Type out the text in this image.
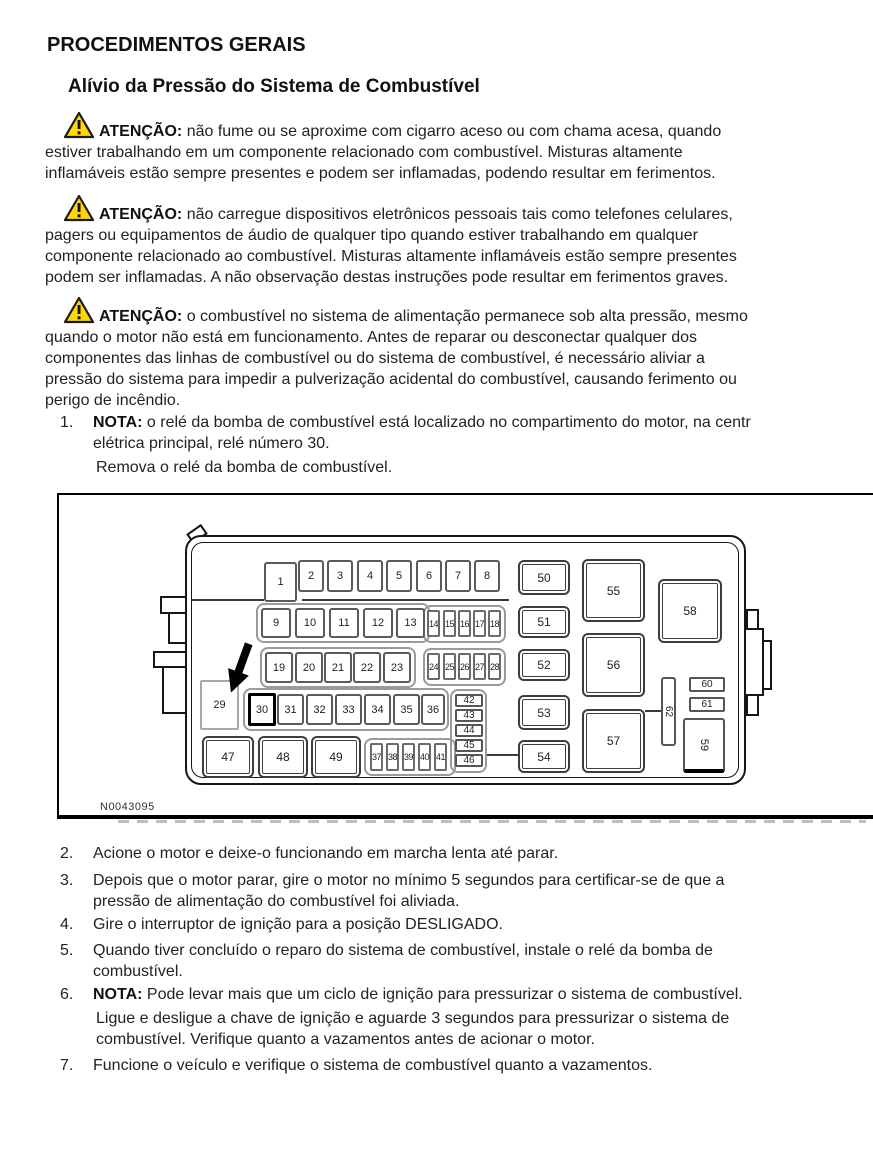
PROCEDIMENTOS GERAIS
Alívio da Pressão do Sistema de Combustível
ATENÇÃO: não fume ou se aproxime com cigarro aceso ou com chama acesa, quando
estiver trabalhando em um componente relacionado com combustível. Misturas altamente
inflamáveis estão sempre presentes e podem ser inflamadas, podendo resultar em ferimentos.
ATENÇÃO: não carregue dispositivos eletrônicos pessoais tais como telefones celulares,
pagers ou equipamentos de áudio de qualquer tipo quando estiver trabalhando em qualquer
componente relacionado ao combustível. Misturas altamente inflamáveis estão sempre presentes
podem ser inflamadas. A não observação destas instruções pode resultar em ferimentos graves.
ATENÇÃO: o combustível no sistema de alimentação permanece sob alta pressão, mesmo
quando o motor não está em funcionamento. Antes de reparar ou desconectar qualquer dos
componentes das linhas de combustível ou do sistema de combustível, é necessário aliviar a
pressão do sistema para impedir a pulverização acidental do combustível, causando ferimento ou
perigo de incêndio.
1. NOTA: o relé da bomba de combustível está localizado no compartimento do motor, na centr
elétrica principal, relé número 30.
Remova o relé da bomba de combustível.
2. Acione o motor e deixe-o funcionando em marcha lenta até parar.
3. Depois que o motor parar, gire o motor no mínimo 5 segundos para certificar-se de que a
pressão de alimentação do combustível foi aliviada.
4. Gire o interruptor de ignição para a posição DESLIGADO.
5. Quando tiver concluído o reparo do sistema de combustível, instale o relé da bomba de
combustível.
6. NOTA: Pode levar mais que um ciclo de ignição para pressurizar o sistema de combustível.
Ligue e desligue a chave de ignição e aguarde 3 segundos para pressurizar o sistema de
combustível. Verifique quanto a vazamentos antes de acionar o motor.
7. Funcione o veículo e verifique o sistema de combustível quanto a vazamentos.
1 2 3 4 5 6 7 8	50
55
58
9 10 11 12 13 14 15 16 17 18	51
19 20 21 22 23	24 25 26 27 28	52	56
29	30 31 32 33 34 35 36
42
43
44
45
46
53
57
62
60
61
59
47	48	49	37 38 39 40 41	54
N0043095
